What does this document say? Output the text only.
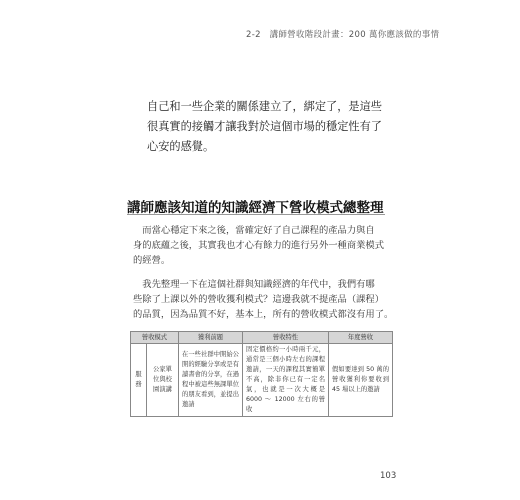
2-2　講師營收階段計畫：200 萬你應該做的事情

自己和一些企業的關係建立了，綁定了，是這些

很真實的接觸才讓我對於這個市場的穩定性有了

心安的感覺。

講師應該知道的知識經濟下營收模式總整理

　而當心穩定下來之後，當確定好了自己課程的產品力與自

身的底蘊之後，其實我也才心有餘力的進行另外一種商業模式

的經營。

　我先整理一下在這個社群與知識經濟的年代中，我們有哪

些除了上課以外的營收獲利模式？這邊我就不提產品（課程）

的品質，因為品質不好，基本上，所有的營收模式都沒有用了。

營收模式		獲利前題	營收特性	年度營收
服務	公家單位與校園演講	在一些社群中開始公開的經驗分享或是有讀書會的分享，在過程中被這些無課單位的朋友看到，並提出邀請	固定價格約一小時兩千元，通常是三個小時左右的課程邀請，一天的課程其實簡單不高，除非你已有一定名氣，也就是一次大概是 6000 ～ 12000 左右的營收	假如要達到 50 萬的營收獲利你要收到 45 場以上的邀請
103
